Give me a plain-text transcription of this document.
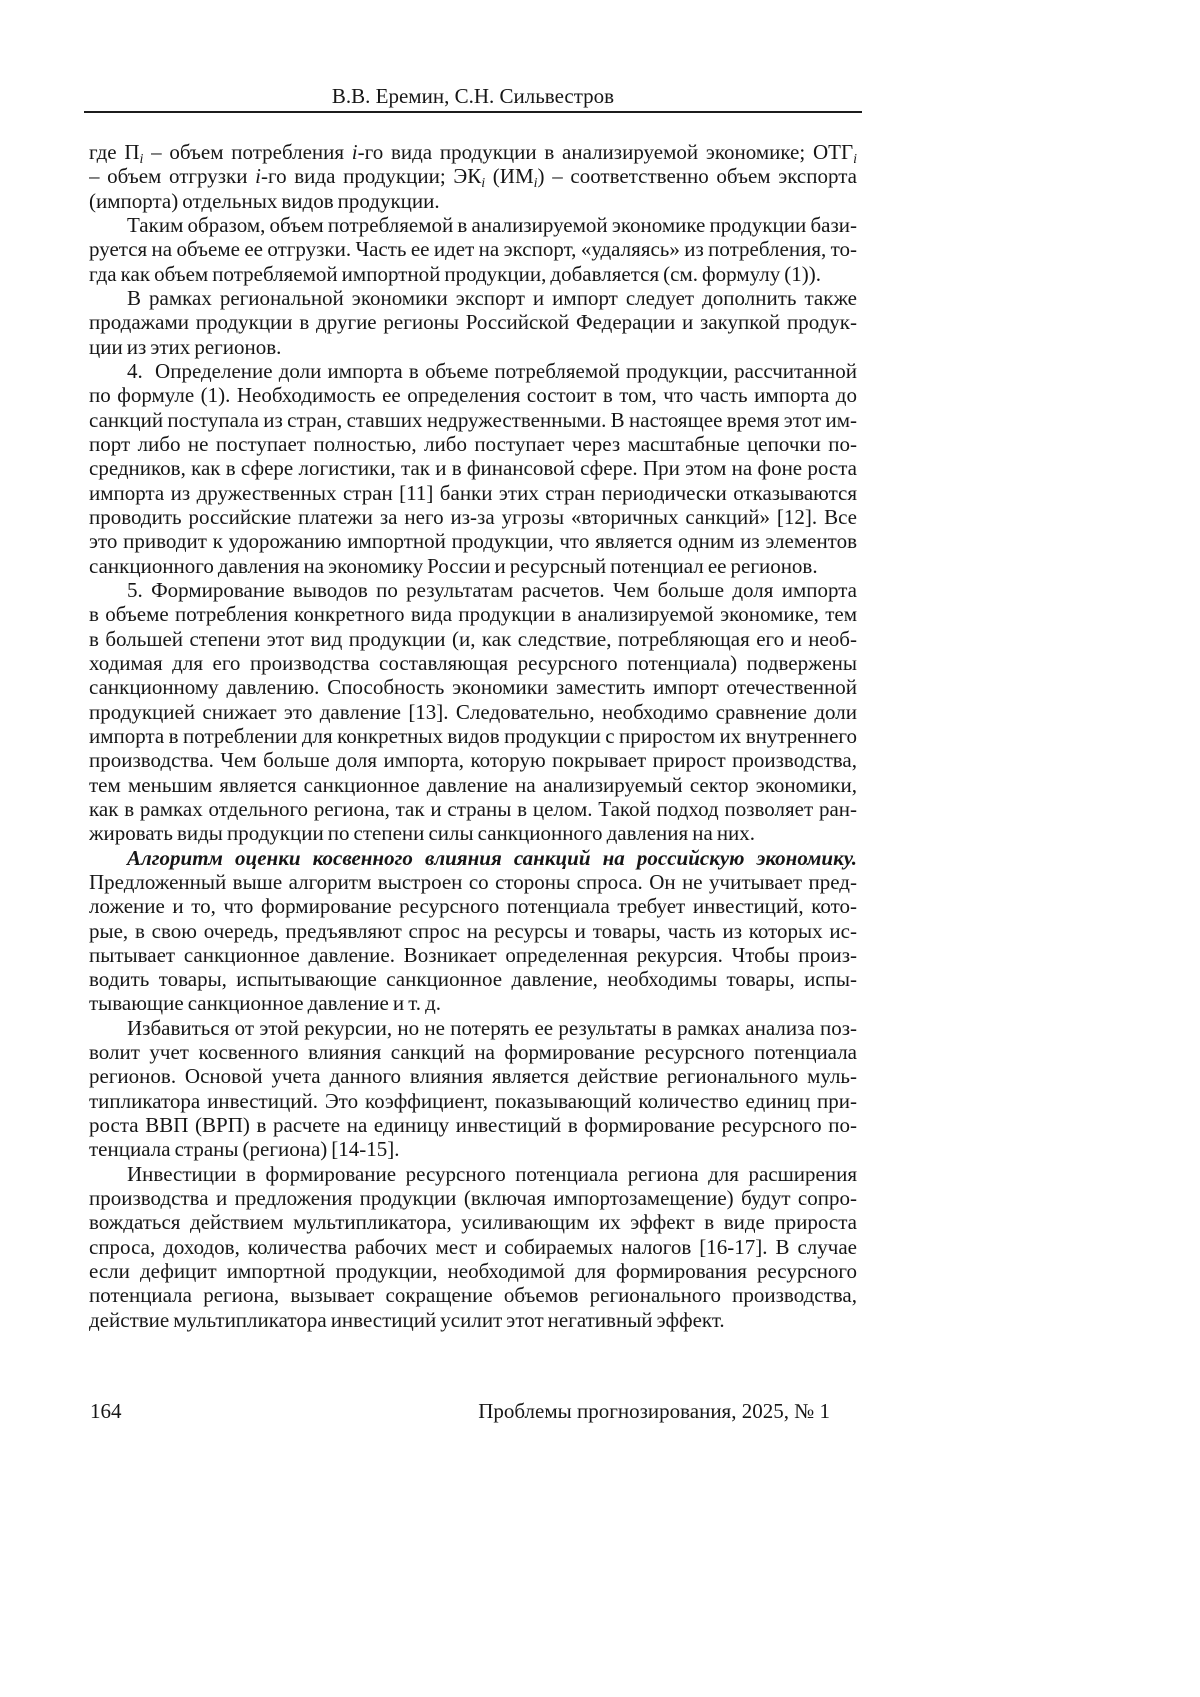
В.В. Еремин, С.Н. Сильвестров
где Пi – объем потребления i-го вида продукции в анализируемой экономике; ОТГi
– объем отгрузки i-го вида продукции; ЭКi (ИМi) – соответственно объем экспорта
(импорта) отдельных видов продукции.
Таким образом, объем потребляемой в анализируемой экономике продукции бази-
руется на объеме ее отгрузки. Часть ее идет на экспорт, «удаляясь» из потребления, то-
гда как объем потребляемой импортной продукции, добавляется (см. формулу (1)).
В рамках региональной экономики экспорт и импорт следует дополнить также
продажами продукции в другие регионы Российской Федерации и закупкой продук-
ции из этих регионов.
4.  Определение доли импорта в объеме потребляемой продукции, рассчитанной
по формуле (1). Необходимость ее определения состоит в том, что часть импорта до
санкций поступала из стран, ставших недружественными. В настоящее время этот им-
порт либо не поступает полностью, либо поступает через масштабные цепочки по-
средников, как в сфере логистики, так и в финансовой сфере. При этом на фоне роста
импорта из дружественных стран [11] банки этих стран периодически отказываются
проводить российские платежи за него из-за угрозы «вторичных санкций» [12]. Все
это приводит к удорожанию импортной продукции, что является одним из элементов
санкционного давления на экономику России и ресурсный потенциал ее регионов.
5. Формирование выводов по результатам расчетов. Чем больше доля импорта
в объеме потребления конкретного вида продукции в анализируемой экономике, тем
в большей степени этот вид продукции (и, как следствие, потребляющая его и необ-
ходимая для его производства составляющая ресурсного потенциала) подвержены
санкционному давлению. Способность экономики заместить импорт отечественной
продукцией снижает это давление [13]. Следовательно, необходимо сравнение доли
импорта в потреблении для конкретных видов продукции с приростом их внутреннего
производства. Чем больше доля импорта, которую покрывает прирост производства,
тем меньшим является санкционное давление на анализируемый сектор экономики,
как в рамках отдельного региона, так и страны в целом. Такой подход позволяет ран-
жировать виды продукции по степени силы санкционного давления на них.
Алгоритм оценки косвенного влияния санкций на российскую экономику.
Предложенный выше алгоритм выстроен со стороны спроса. Он не учитывает пред-
ложение и то, что формирование ресурсного потенциала требует инвестиций, кото-
рые, в свою очередь, предъявляют спрос на ресурсы и товары, часть из которых ис-
пытывает санкционное давление. Возникает определенная рекурсия. Чтобы произ-
водить товары, испытывающие санкционное давление, необходимы товары, испы-
тывающие санкционное давление и т. д.
Избавиться от этой рекурсии, но не потерять ее результаты в рамках анализа поз-
волит учет косвенного влияния санкций на формирование ресурсного потенциала
регионов. Основой учета данного влияния является действие регионального муль-
типликатора инвестиций. Это коэффициент, показывающий количество единиц при-
роста ВВП (ВРП) в расчете на единицу инвестиций в формирование ресурсного по-
тенциала страны (региона) [14-15].
Инвестиции в формирование ресурсного потенциала региона для расширения
производства и предложения продукции (включая импортозамещение) будут сопро-
вождаться действием мультипликатора, усиливающим их эффект в виде прироста
спроса, доходов, количества рабочих мест и собираемых налогов [16-17]. В случае
если дефицит импортной продукции, необходимой для формирования ресурсного
потенциала региона, вызывает сокращение объемов регионального производства,
действие мультипликатора инвестиций усилит этот негативный эффект.
164	Проблемы прогнозирования, 2025, № 1
